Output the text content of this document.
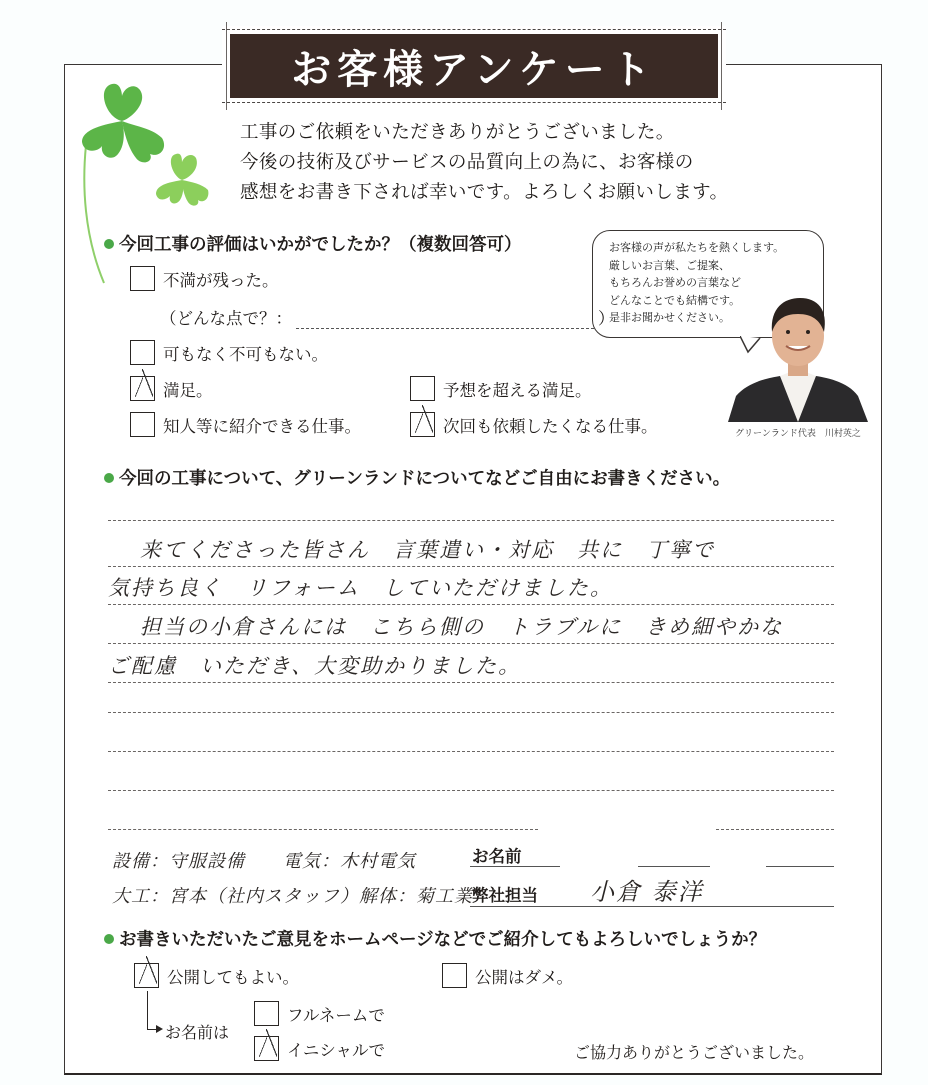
お客様アンケート
工事のご依頼をいただきありがとうございました。
今後の技術及びサービスの品質向上の為に、お客様の
感想をお書き下されば幸いです。よろしくお願いします。
お客様の声が私たちを熱くします。
厳しいお言葉、ご提案、
もちろんお誉めの言葉など
どんなことでも結構です。
是非お聞かせください。
グリーンランド代表　川村英之
今回工事の評価はいかがでしたか？（複数回答可）
不満が残った。
（どんな点で？：	）
可もなく不可もない。
満足。	予想を超える満足。
知人等に紹介できる仕事。	次回も依頼したくなる仕事。
今回の工事について、グリーンランドについてなどご自由にお書きください。
来てくださった皆さん　言葉遣い・対応　共に　丁寧で
気持ち良く　リフォーム　していただけました。
担当の小倉さんには　こちら側の　トラブルに　きめ細やかな
ご配慮　いただき、大変助かりました。
設備：守服設備　　電気：木村電気
大工：宮本（社内スタッフ）解体：菊工業
お名前
弊社担当 小倉 泰洋
お書きいただいたご意見をホームページなどでご紹介してもよろしいでしょうか？
公開してもよい。	公開はダメ。
お名前は
フルネームで
イニシャルで	ご協力ありがとうございました。
